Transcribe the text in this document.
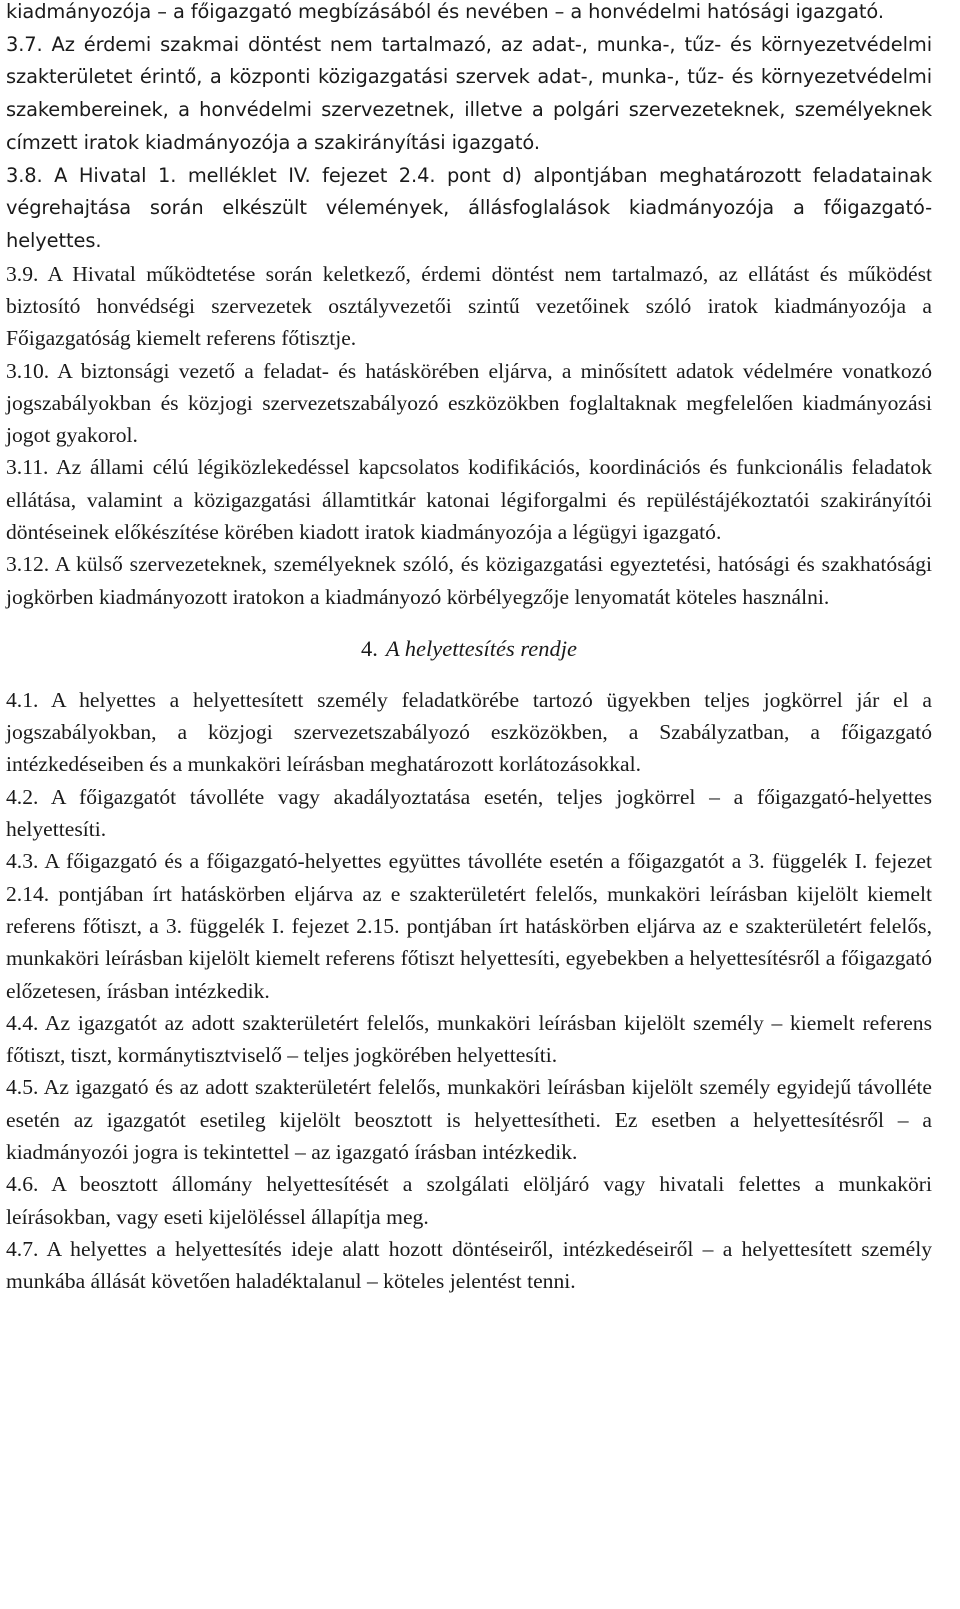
kiadmányozója – a főigazgató megbízásából és nevében – a honvédelmi hatósági igazgató.

3.7. Az érdemi szakmai döntést nem tartalmazó, az adat-, munka-, tűz- és környezetvédelmi szakterületet érintő, a központi közigazgatási szervek adat-, munka-, tűz- és környezetvédelmi szakembereinek, a honvédelmi szervezetnek, illetve a polgári szervezeteknek, személyeknek címzett iratok kiadmányozója a szakirányítási igazgató.

3.8. A Hivatal 1. melléklet IV. fejezet 2.4. pont d) alpontjában meghatározott feladatainak végrehajtása során elkészült vélemények, állásfoglalások kiadmányozója a főigazgató-helyettes.

3.9. A Hivatal működtetése során keletkező, érdemi döntést nem tartalmazó, az ellátást és működést biztosító honvédségi szervezetek osztályvezetői szintű vezetőinek szóló iratok kiadmányozója a Főigazgatóság kiemelt referens főtisztje.

3.10. A biztonsági vezető a feladat- és hatáskörében eljárva, a minősített adatok védelmére vonatkozó jogszabályokban és közjogi szervezetszabályozó eszközökben foglaltaknak megfelelően kiadmányozási jogot gyakorol.

3.11. Az állami célú légiközlekedéssel kapcsolatos kodifikációs, koordinációs és funkcionális feladatok ellátása, valamint a közigazgatási államtitkár katonai légiforgalmi és repüléstájékoztatói szakirányítói döntéseinek előkészítése körében kiadott iratok kiadmányozója a légügyi igazgató.

3.12. A külső szervezeteknek, személyeknek szóló, és közigazgatási egyeztetési, hatósági és szakhatósági jogkörben kiadmányozott iratokon a kiadmányozó körbélyegzője lenyomatát köteles használni.

4. A helyettesítés rendje

4.1. A helyettes a helyettesített személy feladatkörébe tartozó ügyekben teljes jogkörrel jár el a jogszabályokban, a közjogi szervezetszabályozó eszközökben, a Szabályzatban, a főigazgató intézkedéseiben és a munkaköri leírásban meghatározott korlátozásokkal.

4.2. A főigazgatót távolléte vagy akadályoztatása esetén, teljes jogkörrel – a főigazgató-helyettes helyettesíti.

4.3. A főigazgató és a főigazgató-helyettes együttes távolléte esetén a főigazgatót a 3. függelék I. fejezet 2.14. pontjában írt hatáskörben eljárva az e szakterületért felelős, munkaköri leírásban kijelölt kiemelt referens főtiszt, a 3. függelék I. fejezet 2.15. pontjában írt hatáskörben eljárva az e szakterületért felelős, munkaköri leírásban kijelölt kiemelt referens főtiszt helyettesíti, egyebekben a helyettesítésről a főigazgató előzetesen, írásban intézkedik.

4.4. Az igazgatót az adott szakterületért felelős, munkaköri leírásban kijelölt személy – kiemelt referens főtiszt, tiszt, kormánytisztviselő – teljes jogkörében helyettesíti.

4.5. Az igazgató és az adott szakterületért felelős, munkaköri leírásban kijelölt személy egyidejű távolléte esetén az igazgatót esetileg kijelölt beosztott is helyettesítheti. Ez esetben a helyettesítésről – a kiadmányozói jogra is tekintettel – az igazgató írásban intézkedik.

4.6. A beosztott állomány helyettesítését a szolgálati elöljáró vagy hivatali felettes a munkaköri leírásokban, vagy eseti kijelöléssel állapítja meg.

4.7. A helyettes a helyettesítés ideje alatt hozott döntéseiről, intézkedéseiről – a helyettesített személy munkába állását követően haladéktalanul – köteles jelentést tenni.
